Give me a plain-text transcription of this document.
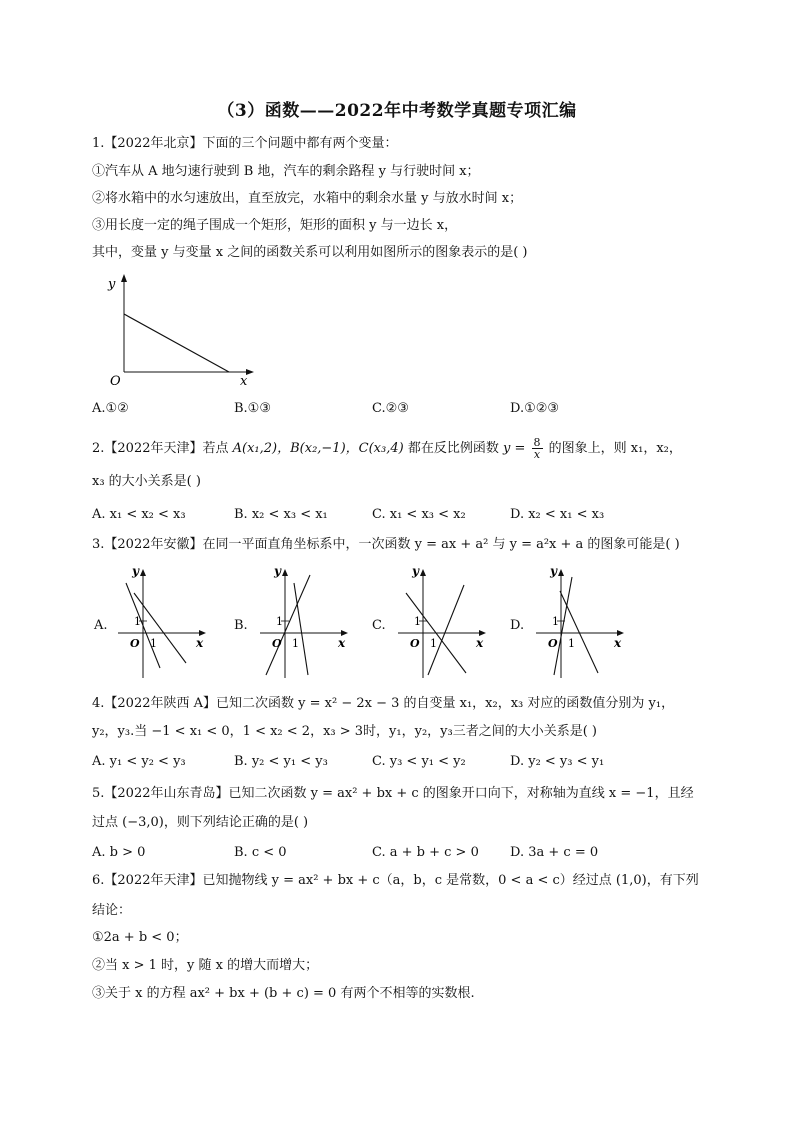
（3）函数——2022年中考数学真题专项汇编
1.【2022年北京】下面的三个问题中都有两个变量：
①汽车从 A 地匀速行驶到 B 地，汽车的剩余路程 y 与行驶时间 x；
②将水箱中的水匀速放出，直至放完，水箱中的剩余水量 y 与放水时间 x；
③用长度一定的绳子围成一个矩形，矩形的面积 y 与一边长 x，
其中，变量 y 与变量 x 之间的函数关系可以利用如图所示的图象表示的是( )
y
O	x
A.①②	B.①③	C.②③	D.①②③
2.【2022年天津】若点 A(x₁,2)，B(x₂,−1)，C(x₃,4) 都在反比例函数 $y = \frac{8}{x}$ 的图象上，则 x₁，x₂，
x₃ 的大小关系是( )
A. x₁ < x₂ < x₃	B. x₂ < x₃ < x₁	C. x₁ < x₃ < x₂	D. x₂ < x₁ < x₃
3.【2022年安徽】在同一平面直角坐标系中，一次函数 y = ax + a² 与 y = a²x + a 的图象可能是( )
A.
y
1
O 1	x
B.
y
1
O 1	x
C.
y
1
O 1	x
D.
y
1
O 1	x
4.【2022年陕西 A】已知二次函数 y = x² − 2x − 3 的自变量 x₁，x₂，x₃ 对应的函数值分别为 y₁，
y₂，y₃.当 −1 < x₁ < 0，1 < x₂ < 2，x₃ > 3时，y₁，y₂，y₃三者之间的大小关系是( )
A. y₁ < y₂ < y₃	B. y₂ < y₁ < y₃	C. y₃ < y₁ < y₂	D. y₂ < y₃ < y₁
5.【2022年山东青岛】已知二次函数 y = ax² + bx + c 的图象开口向下，对称轴为直线 x = −1，且经
过点 (−3,0)，则下列结论正确的是( )
A. b > 0	B. c < 0	C. a + b + c > 0 D. 3a + c = 0
6.【2022年天津】已知抛物线 y = ax² + bx + c（a，b，c 是常数，0 < a < c）经过点 (1,0)，有下列
结论：
①2a + b < 0；
②当 x > 1 时，y 随 x 的增大而增大；
③关于 x 的方程 ax² + bx + (b + c) = 0 有两个不相等的实数根.
